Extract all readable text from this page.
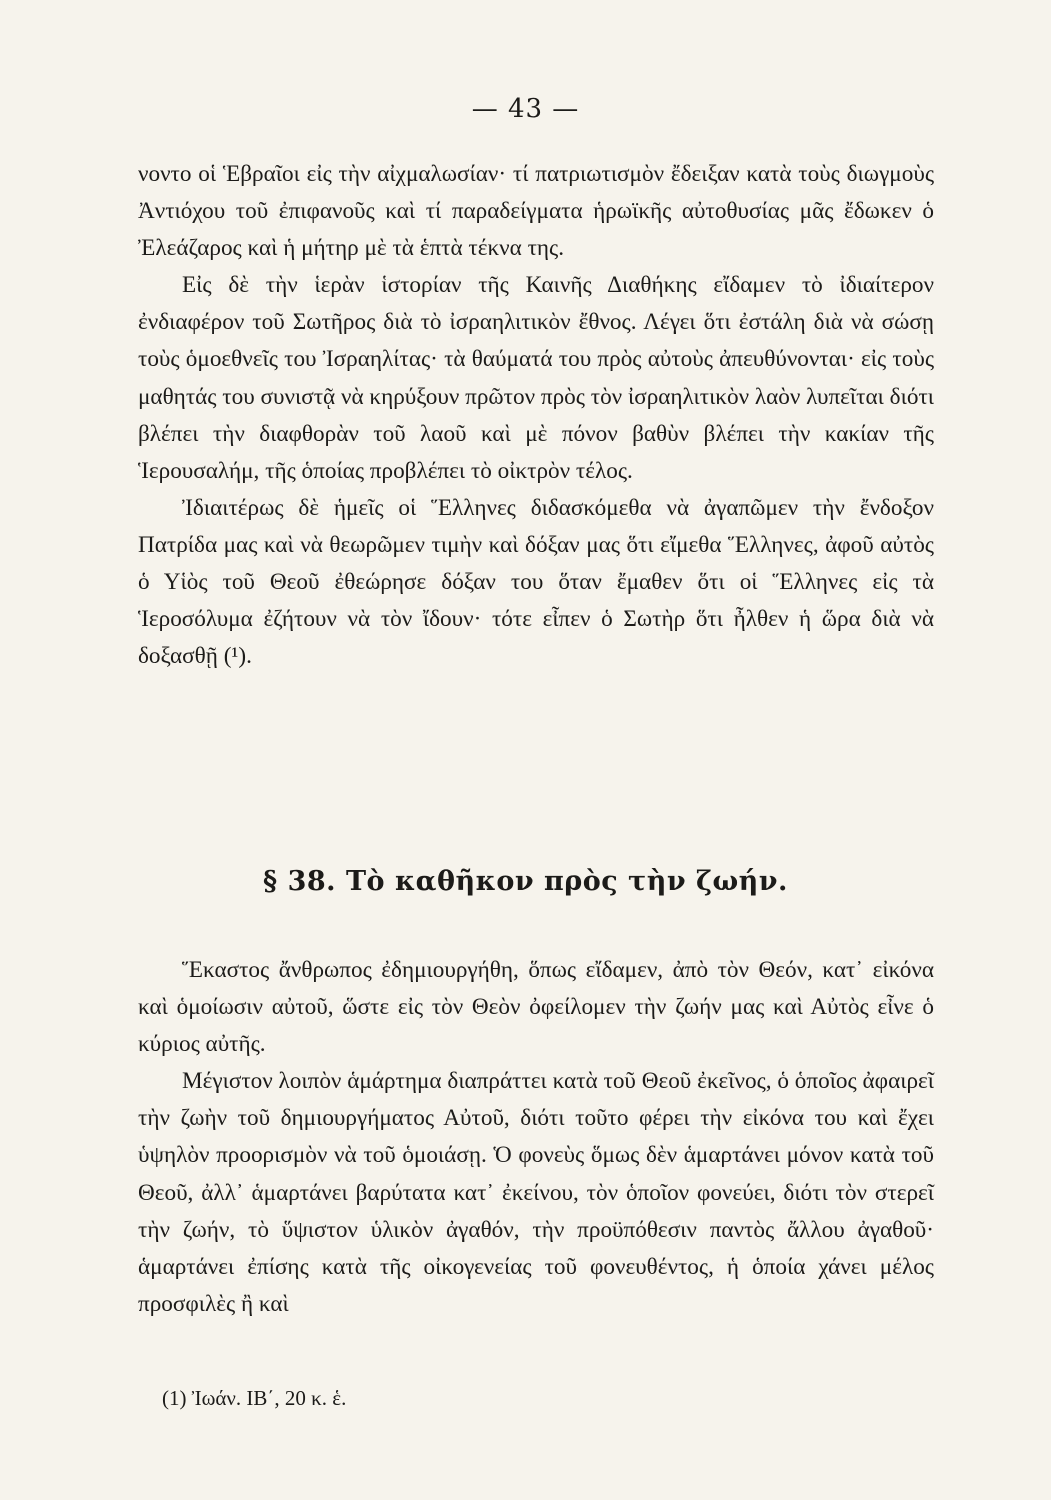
— 43 —

νοντο οἱ Ἑβραῖοι εἰς τὴν αἰχμαλωσίαν· τί πατριωτισμὸν ἔδειξαν κατὰ τοὺς διωγμοὺς Ἀντιόχου τοῦ ἐπιφανοῦς καὶ τί παραδείγματα ἡρωϊκῆς αὐτοθυσίας μᾶς ἔδωκεν ὁ Ἐλεάζαρος καὶ ἡ μήτηρ μὲ τὰ ἑπτὰ τέκνα της.

Εἰς δὲ τὴν ἱερὰν ἱστορίαν τῆς Καινῆς Διαθήκης εἴδαμεν τὸ ἰδιαίτερον ἐνδιαφέρον τοῦ Σωτῆρος διὰ τὸ ἰσραηλιτικὸν ἔθνος. Λέγει ὅτι ἐστάλη διὰ νὰ σώσῃ τοὺς ὁμοεθνεῖς του Ἰσραηλίτας· τὰ θαύματά του πρὸς αὐτοὺς ἀπευθύνονται· εἰς τοὺς μαθητάς του συνιστᾷ νὰ κηρύξουν πρῶτον πρὸς τὸν ἰσραηλιτικὸν λαὸν λυπεῖται διότι βλέπει τὴν διαφθορὰν τοῦ λαοῦ καὶ μὲ πόνον βαθὺν βλέπει τὴν κακίαν τῆς Ἱερουσαλήμ, τῆς ὁποίας προβλέπει τὸ οἰκτρὸν τέλος.

Ἰδιαιτέρως δὲ ἡμεῖς οἱ Ἕλληνες διδασκόμεθα νὰ ἀγαπῶμεν τὴν ἔνδοξον Πατρίδα μας καὶ νὰ θεωρῶμεν τιμὴν καὶ δόξαν μας ὅτι εἴμεθα Ἕλληνες, ἀφοῦ αὐτὸς ὁ Υἱὸς τοῦ Θεοῦ ἐθεώρησε δόξαν του ὅταν ἔμαθεν ὅτι οἱ Ἕλληνες εἰς τὰ Ἱεροσόλυμα ἐζήτουν νὰ τὸν ἴδουν· τότε εἶπεν ὁ Σωτὴρ ὅτι ἦλθεν ἡ ὥρα διὰ νὰ δοξασθῇ (¹).

§ 38. Τὸ καθῆκον πρὸς τὴν ζωήν.

Ἕκαστος ἄνθρωπος ἐδημιουργήθη, ὅπως εἴδαμεν, ἀπὸ τὸν Θεόν, κατ᾽ εἰκόνα καὶ ὁμοίωσιν αὐτοῦ, ὥστε εἰς τὸν Θεὸν ὀφείλομεν τὴν ζωήν μας καὶ Αὐτὸς εἶνε ὁ κύριος αὐτῆς.

Μέγιστον λοιπὸν ἁμάρτημα διαπράττει κατὰ τοῦ Θεοῦ ἐκεῖνος, ὁ ὁποῖος ἀφαιρεῖ τὴν ζωὴν τοῦ δημιουργήματος Αὐτοῦ, διότι τοῦτο φέρει τὴν εἰκόνα του καὶ ἔχει ὑψηλὸν προορισμὸν νὰ τοῦ ὁμοιάσῃ. Ὁ φονεὺς ὅμως δὲν ἁμαρτάνει μόνον κατὰ τοῦ Θεοῦ, ἀλλ᾽ ἁμαρτάνει βαρύτατα κατ᾽ ἐκείνου, τὸν ὁποῖον φονεύει, διότι τὸν στερεῖ τὴν ζωήν, τὸ ὕψιστον ὑλικὸν ἀγαθόν, τὴν προϋπόθεσιν παντὸς ἄλλου ἀγαθοῦ· ἁμαρτάνει ἐπίσης κατὰ τῆς οἰκογενείας τοῦ φονευθέντος, ἡ ὁποία χάνει μέλος προσφιλὲς ἢ καὶ

(1) Ἰωάν. ΙΒ΄, 20 κ. ἑ.
